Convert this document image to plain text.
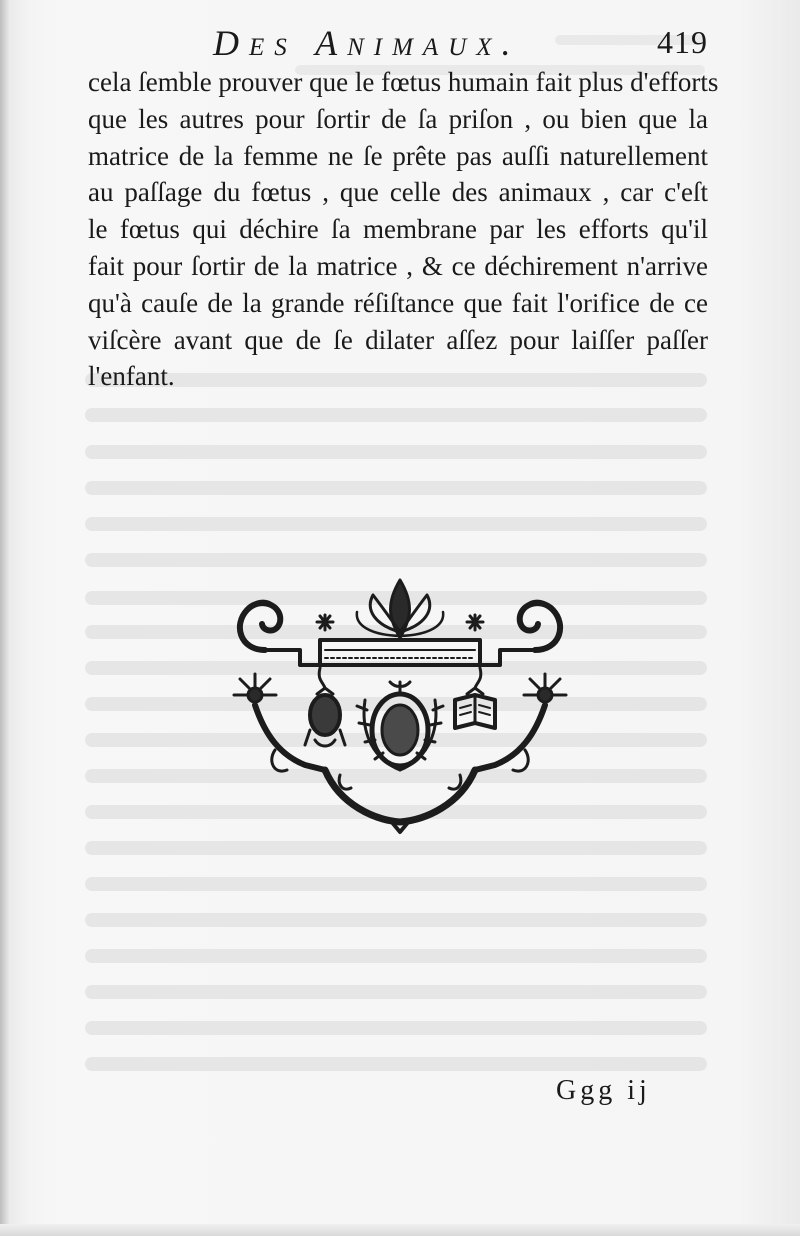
Des Animaux.	419
cela ſemble prouver que le fœtus humain fait plus d'efforts
que les autres pour ſortir de ſa priſon , ou bien que la
matrice de la femme ne ſe prête pas auſſi naturellement
au paſſage du fœtus , que celle des animaux , car c'eſt
le fœtus qui déchire ſa membrane par les efforts qu'il
fait pour ſortir de la matrice , & ce déchirement n'arrive
qu'à cauſe de la grande réſiſtance que fait l'orifice de ce
viſcère avant que de ſe dilater aſſez pour laiſſer paſſer
l'enfant.
Ggg ij
